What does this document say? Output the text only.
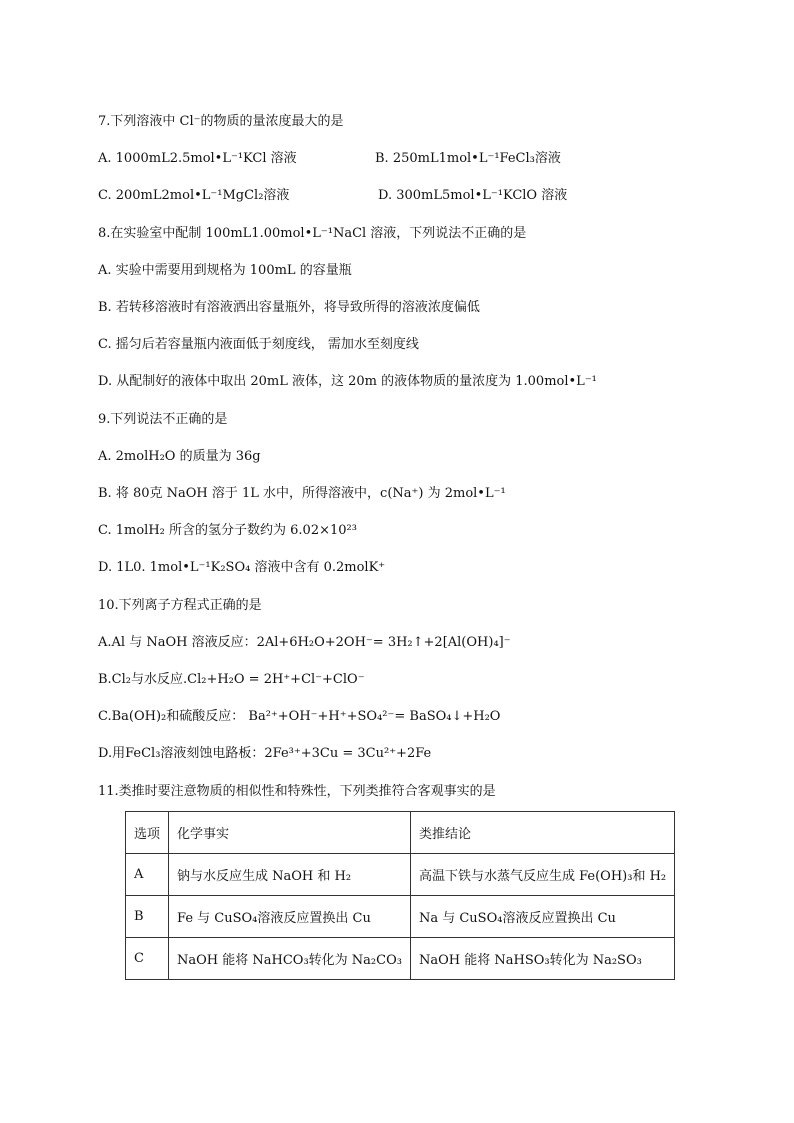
7.下列溶液中 Cl⁻的物质的量浓度最大的是
A. 1000mL2.5mol•L⁻¹KCl 溶液	B. 250mL1mol•L⁻¹FeCl₃溶液
C. 200mL2mol•L⁻¹MgCl₂溶液	D. 300mL5mol•L⁻¹KClO 溶液
8.在实验室中配制 100mL1.00mol•L⁻¹NaCl 溶液，下列说法不正确的是
A. 实验中需要用到规格为 100mL 的容量瓶
B. 若转移溶液时有溶液洒出容量瓶外，将导致所得的溶液浓度偏低
C. 摇匀后若容量瓶内液面低于刻度线， 需加水至刻度线
D. 从配制好的液体中取出 20mL 液体，这 20m 的液体物质的量浓度为 1.00mol•L⁻¹
9.下列说法不正确的是
A. 2molH₂O 的质量为 36g
B. 将 80克 NaOH 溶于 1L 水中，所得溶液中，c(Na⁺) 为 2mol•L⁻¹
C. 1molH₂ 所含的氢分子数约为 6.02×10²³
D. 1L0. 1mol•L⁻¹K₂SO₄ 溶液中含有 0.2molK⁺
10.下列离子方程式正确的是
A.Al 与 NaOH 溶液反应：2Al+6H₂O+2OH⁻= 3H₂↑+2[Al(OH)₄]⁻
B.Cl₂与水反应.Cl₂+H₂O = 2H⁺+Cl⁻+ClO⁻
C.Ba(OH)₂和硫酸反应： Ba²⁺+OH⁻+H⁺+SO₄²⁻= BaSO₄↓+H₂O
D.用FeCl₃溶液刻蚀电路板：2Fe³⁺+3Cu = 3Cu²⁺+2Fe
11.类推时要注意物质的相似性和特殊性，下列类推符合客观事实的是
选项	化学事实	类推结论
A	钠与水反应生成 NaOH 和 H₂	高温下铁与水蒸气反应生成 Fe(OH)₃和 H₂
B	Fe 与 CuSO₄溶液反应置换出 Cu	Na 与 CuSO₄溶液反应置换出 Cu
C	NaOH 能将 NaHCO₃转化为 Na₂CO₃	NaOH 能将 NaHSO₃转化为 Na₂SO₃
